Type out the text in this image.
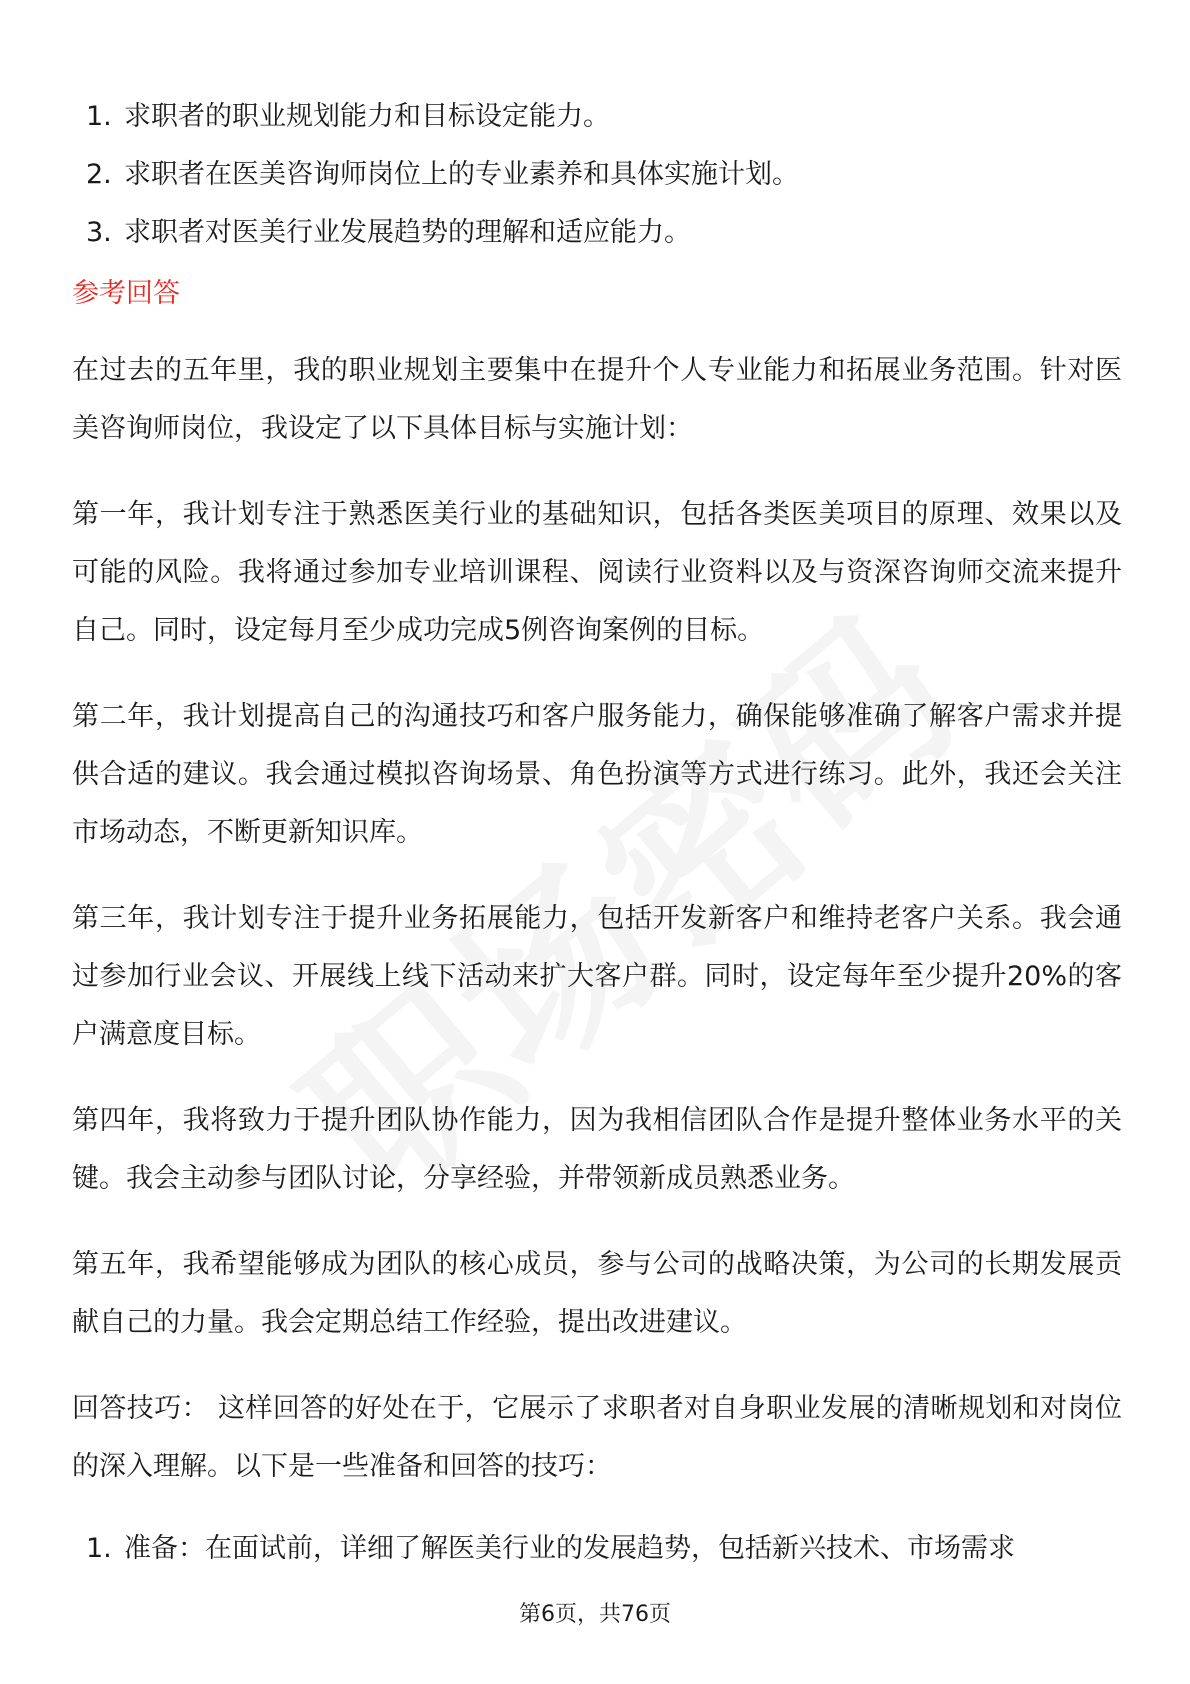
1. 求职者的职业规划能力和目标设定能力。
2. 求职者在医美咨询师岗位上的专业素养和具体实施计划。
3. 求职者对医美行业发展趋势的理解和适应能力。
参考回答

在过去的五年里，我的职业规划主要集中在提升个人专业能力和拓展业务范围。针对医美咨询师岗位，我设定了以下具体目标与实施计划：

第一年，我计划专注于熟悉医美行业的基础知识，包括各类医美项目的原理、效果以及可能的风险。我将通过参加专业培训课程、阅读行业资料以及与资深咨询师交流来提升自己。同时，设定每月至少成功完成5例咨询案例的目标。

第二年，我计划提高自己的沟通技巧和客户服务能力，确保能够准确了解客户需求并提供合适的建议。我会通过模拟咨询场景、角色扮演等方式进行练习。此外，我还会关注市场动态，不断更新知识库。

第三年，我计划专注于提升业务拓展能力，包括开发新客户和维持老客户关系。我会通过参加行业会议、开展线上线下活动来扩大客户群。同时，设定每年至少提升20%的客户满意度目标。

第四年，我将致力于提升团队协作能力，因为我相信团队合作是提升整体业务水平的关键。我会主动参与团队讨论，分享经验，并带领新成员熟悉业务。

第五年，我希望能够成为团队的核心成员，参与公司的战略决策，为公司的长期发展贡献自己的力量。我会定期总结工作经验，提出改进建议。

回答技巧： 这样回答的好处在于，它展示了求职者对自身职业发展的清晰规划和对岗位的深入理解。以下是一些准备和回答的技巧：

1. 准备：在面试前，详细了解医美行业的发展趋势，包括新兴技术、市场需求
第6页，共76页
